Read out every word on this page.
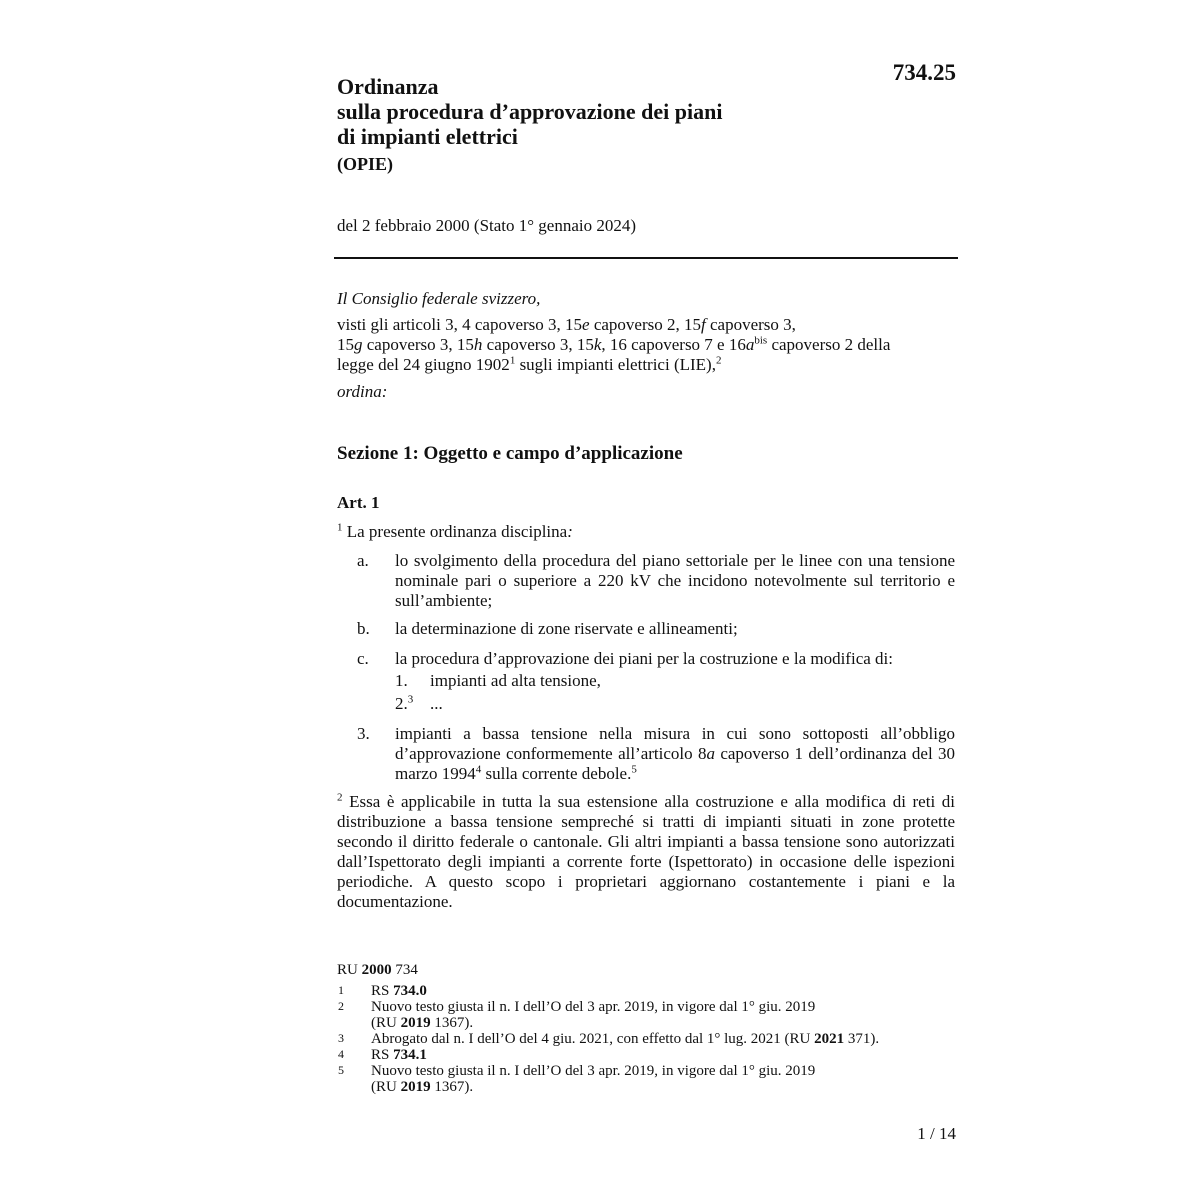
734.25
Ordinanza
sulla procedura d’approvazione dei piani
di impianti elettrici
(OPIE)
del 2 febbraio 2000 (Stato 1° gennaio 2024)
Il Consiglio federale svizzero,
visti gli articoli 3, 4 capoverso 3, 15e capoverso 2, 15f capoverso 3,
15g capoverso 3, 15h capoverso 3, 15k, 16 capoverso 7 e $16a^{bis}$ capoverso 2 della
legge del 24 giugno 1902$^1$ sugli impianti elettrici (LIE),$^2$
ordina:
Sezione 1: Oggetto e campo d’applicazione
Art. 1
$^1$ La presente ordinanza disciplina:
a. lo svolgimento della procedura del piano settoriale per le linee con una tensione nominale pari o superiore a 220 kV che incidono notevolmente sul territorio e sull’ambiente;
b. la determinazione di zone riservate e allineamenti;
c. la procedura d’approvazione dei piani per la costruzione e la modifica di:
1. impianti ad alta tensione,
2.$^3$ ...
3. impianti a bassa tensione nella misura in cui sono sottoposti all’obbligo d’approvazione conformemente all’articolo 8a capoverso 1 dell’ordinanza del 30 marzo 1994$^4$ sulla corrente debole.$^5$
$^2$ Essa è applicabile in tutta la sua estensione alla costruzione e alla modifica di reti di distribuzione a bassa tensione sempreché si tratti di impianti situati in zone protette secondo il diritto federale o cantonale. Gli altri impianti a bassa tensione sono autorizzati dall’Ispettorato degli impianti a corrente forte (Ispettorato) in occasione delle ispezioni periodiche. A questo scopo i proprietari aggiornano costantemente i piani e la documentazione.
RU 2000 734
1 RS 734.0
2 Nuovo testo giusta il n. I dell’O del 3 apr. 2019, in vigore dal 1° giu. 2019
(RU 2019 1367).
3 Abrogato dal n. I dell’O del 4 giu. 2021, con effetto dal 1° lug. 2021 (RU 2021 371).
4 RS 734.1
5 Nuovo testo giusta il n. I dell’O del 3 apr. 2019, in vigore dal 1° giu. 2019
(RU 2019 1367).
1 / 14
